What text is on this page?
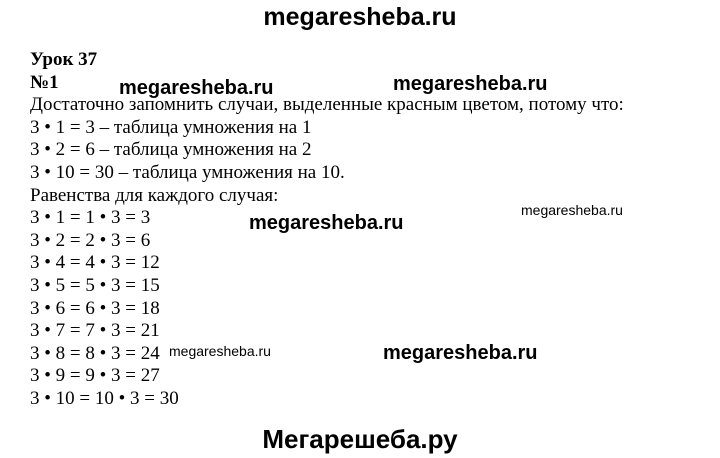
megaresheba.ru
Урок 37
№1
Достаточно запомнить случаи, выделенные красным цветом, потому что:
3 • 1 = 3 – таблица умножения на 1
3 • 2 = 6 – таблица умножения на 2
3 • 10 = 30 – таблица умножения на 10.
Равенства для каждого случая:
3 • 1 = 1 • 3 = 3
3 • 2 = 2 • 3 = 6
3 • 4 = 4 • 3 = 12
3 • 5 = 5 • 3 = 15
3 • 6 = 6 • 3 = 18
3 • 7 = 7 • 3 = 21
3 • 8 = 8 • 3 = 24
3 • 9 = 9 • 3 = 27
3 • 10 = 10 • 3 = 30
megaresheba.ru	megaresheba.ru
megaresheba.ru
megaresheba.ru
megaresheba.ru	megaresheba.ru
Мегарешеба.ру
